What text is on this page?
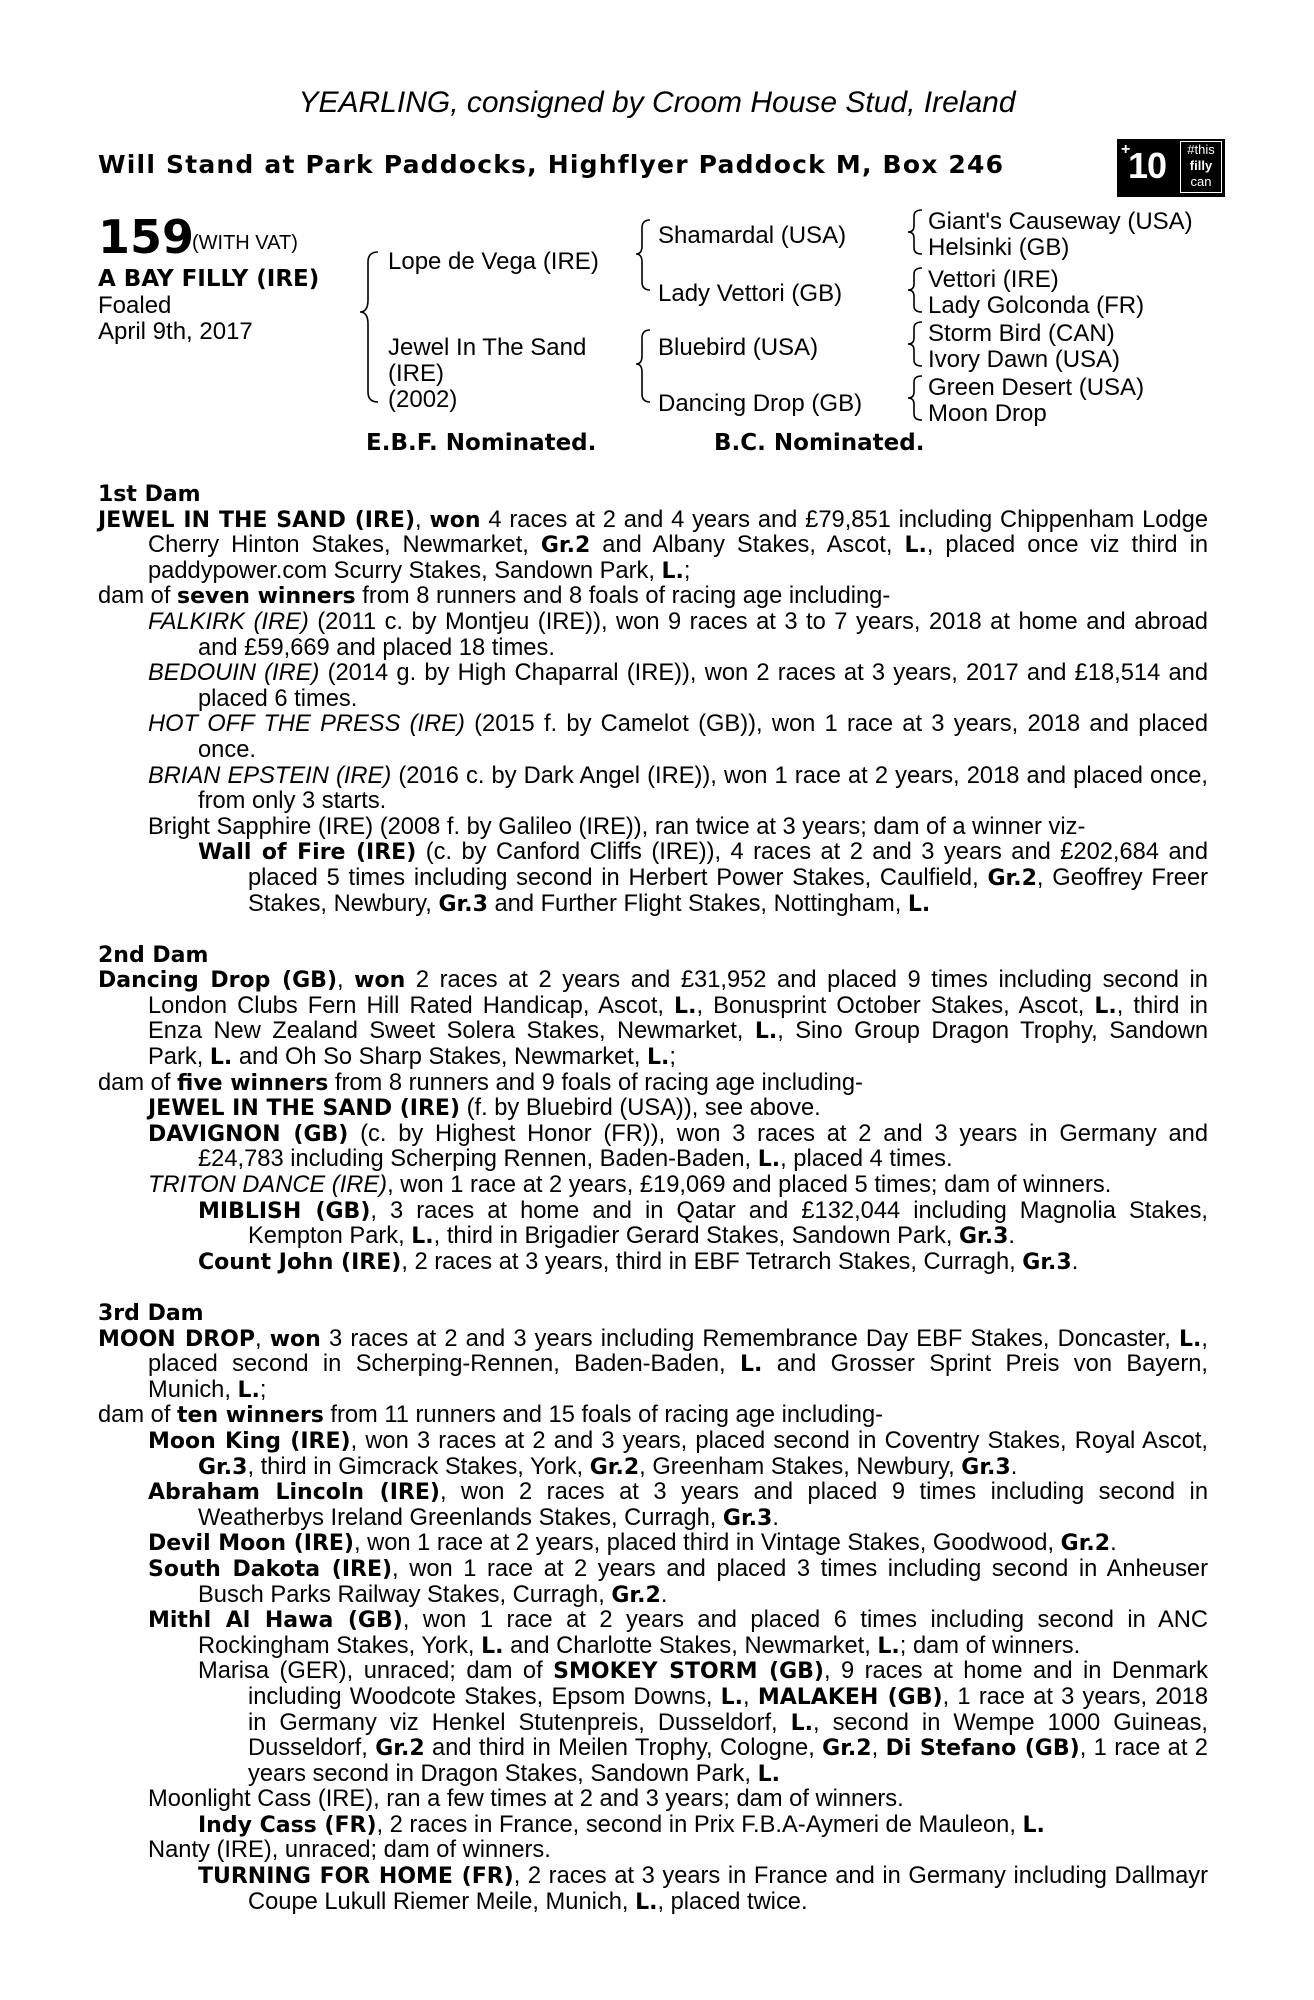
YEARLING, consigned by Croom House Stud, Ireland
Will Stand at Park Paddocks, Highflyer Paddock M, Box 246
+
10	#this
filly
can
159
(WITH VAT)
A BAY FILLY (IRE)
Foaled
April 9th, 2017
Lope de Vega (IRE)
Jewel In The Sand
(IRE)
(2002)
Shamardal (USA)
Lady Vettori (GB)
Bluebird (USA)
Dancing Drop (GB)
Giant's Causeway (USA)
Helsinki (GB)
Vettori (IRE)
Lady Golconda (FR)
Storm Bird (CAN)
Ivory Dawn (USA)
Green Desert (USA)
Moon Drop
E.B.F. Nominated.	B.C. Nominated.

1st Dam

JEWEL IN THE SAND (IRE), won 4 races at 2 and 4 years and £79,851 including Chippenham Lodge Cherry Hinton Stakes, Newmarket, Gr.2 and Albany Stakes, Ascot, L., placed once viz third in paddypower.com Scurry Stakes, Sandown Park, L.;

dam of seven winners from 8 runners and 8 foals of racing age including-

FALKIRK (IRE) (2011 c. by Montjeu (IRE)), won 9 races at 3 to 7 years, 2018 at home and abroad and £59,669 and placed 18 times.

BEDOUIN (IRE) (2014 g. by High Chaparral (IRE)), won 2 races at 3 years, 2017 and £18,514 and placed 6 times.

HOT OFF THE PRESS (IRE) (2015 f. by Camelot (GB)), won 1 race at 3 years, 2018 and placed once.

BRIAN EPSTEIN (IRE) (2016 c. by Dark Angel (IRE)), won 1 race at 2 years, 2018 and placed once, from only 3 starts.

Bright Sapphire (IRE) (2008 f. by Galileo (IRE)), ran twice at 3 years; dam of a winner viz-

Wall of Fire (IRE) (c. by Canford Cliffs (IRE)), 4 races at 2 and 3 years and £202,684 and placed 5 times including second in Herbert Power Stakes, Caulfield, Gr.2, Geoffrey Freer Stakes, Newbury, Gr.3 and Further Flight Stakes, Nottingham, L.

2nd Dam

Dancing Drop (GB), won 2 races at 2 years and £31,952 and placed 9 times including second in London Clubs Fern Hill Rated Handicap, Ascot, L., Bonusprint October Stakes, Ascot, L., third in Enza New Zealand Sweet Solera Stakes, Newmarket, L., Sino Group Dragon Trophy, Sandown Park, L. and Oh So Sharp Stakes, Newmarket, L.;

dam of five winners from 8 runners and 9 foals of racing age including-

JEWEL IN THE SAND (IRE) (f. by Bluebird (USA)), see above.

DAVIGNON (GB) (c. by Highest Honor (FR)), won 3 races at 2 and 3 years in Germany and £24,783 including Scherping Rennen, Baden-Baden, L., placed 4 times.

TRITON DANCE (IRE), won 1 race at 2 years, £19,069 and placed 5 times; dam of winners.

MIBLISH (GB), 3 races at home and in Qatar and £132,044 including Magnolia Stakes, Kempton Park, L., third in Brigadier Gerard Stakes, Sandown Park, Gr.3.

Count John (IRE), 2 races at 3 years, third in EBF Tetrarch Stakes, Curragh, Gr.3.

3rd Dam

MOON DROP, won 3 races at 2 and 3 years including Remembrance Day EBF Stakes, Doncaster, L., placed second in Scherping-Rennen, Baden-Baden, L. and Grosser Sprint Preis von Bayern, Munich, L.;

dam of ten winners from 11 runners and 15 foals of racing age including-

Moon King (IRE), won 3 races at 2 and 3 years, placed second in Coventry Stakes, Royal Ascot, Gr.3, third in Gimcrack Stakes, York, Gr.2, Greenham Stakes, Newbury, Gr.3.

Abraham Lincoln (IRE), won 2 races at 3 years and placed 9 times including second in Weatherbys Ireland Greenlands Stakes, Curragh, Gr.3.

Devil Moon (IRE), won 1 race at 2 years, placed third in Vintage Stakes, Goodwood, Gr.2.

South Dakota (IRE), won 1 race at 2 years and placed 3 times including second in Anheuser Busch Parks Railway Stakes, Curragh, Gr.2.

Mithl Al Hawa (GB), won 1 race at 2 years and placed 6 times including second in ANC Rockingham Stakes, York, L. and Charlotte Stakes, Newmarket, L.; dam of winners.

Marisa (GER), unraced; dam of SMOKEY STORM (GB), 9 races at home and in Denmark including Woodcote Stakes, Epsom Downs, L., MALAKEH (GB), 1 race at 3 years, 2018 in Germany viz Henkel Stutenpreis, Dusseldorf, L., second in Wempe 1000 Guineas, Dusseldorf, Gr.2 and third in Meilen Trophy, Cologne, Gr.2, Di Stefano (GB), 1 race at 2 years second in Dragon Stakes, Sandown Park, L.

Moonlight Cass (IRE), ran a few times at 2 and 3 years; dam of winners.

Indy Cass (FR), 2 races in France, second in Prix F.B.A-Aymeri de Mauleon, L.

Nanty (IRE), unraced; dam of winners.

TURNING FOR HOME (FR), 2 races at 3 years in France and in Germany including Dallmayr Coupe Lukull Riemer Meile, Munich, L., placed twice.
